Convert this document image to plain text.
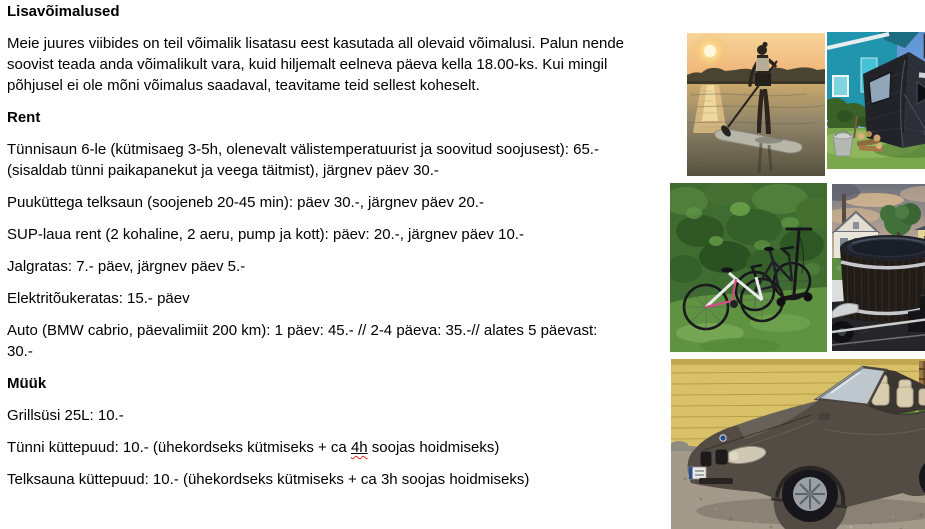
Lisavõimalused

Meie juures viibides on teil võimalik lisatasu eest kasutada all olevaid võimalusi. Palun nende soovist teada anda võimalikult vara, kuid hiljemalt eelneva päeva kella 18.00-ks. Kui mingil põhjusel ei ole mõni võimalus saadaval, teavitame teid sellest koheselt.

Rent

Tünnisaun 6-le (kütmisaeg 3-5h, olenevalt välistemperatuurist ja soovitud soojusest): 65.- (sisaldab tünni paikapanekut ja veega täitmist), järgnev päev 30.-

Puuküttega telksaun (soojeneb 20-45 min): päev 30.-, järgnev päev 20.-

SUP-laua rent (2 kohaline, 2 aeru, pump ja kott): päev: 20.-, järgnev päev 10.-

Jalgratas: 7.- päev, järgnev päev 5.-

Elektritõukeratas: 15.- päev

Auto (BMW cabrio, päevalimiit 200 km): 1 päev: 45.- // 2-4 päeva: 35.-// alates 5 päevast: 30.-

Müük

Grillsüsi 25L: 10.-

Tünni küttepuud: 10.- (ühekordseks kütmiseks + ca 4h soojas hoidmiseks)

Telksauna küttepuud: 10.- (ühekordseks kütmiseks + ca 3h soojas hoidmiseks)
